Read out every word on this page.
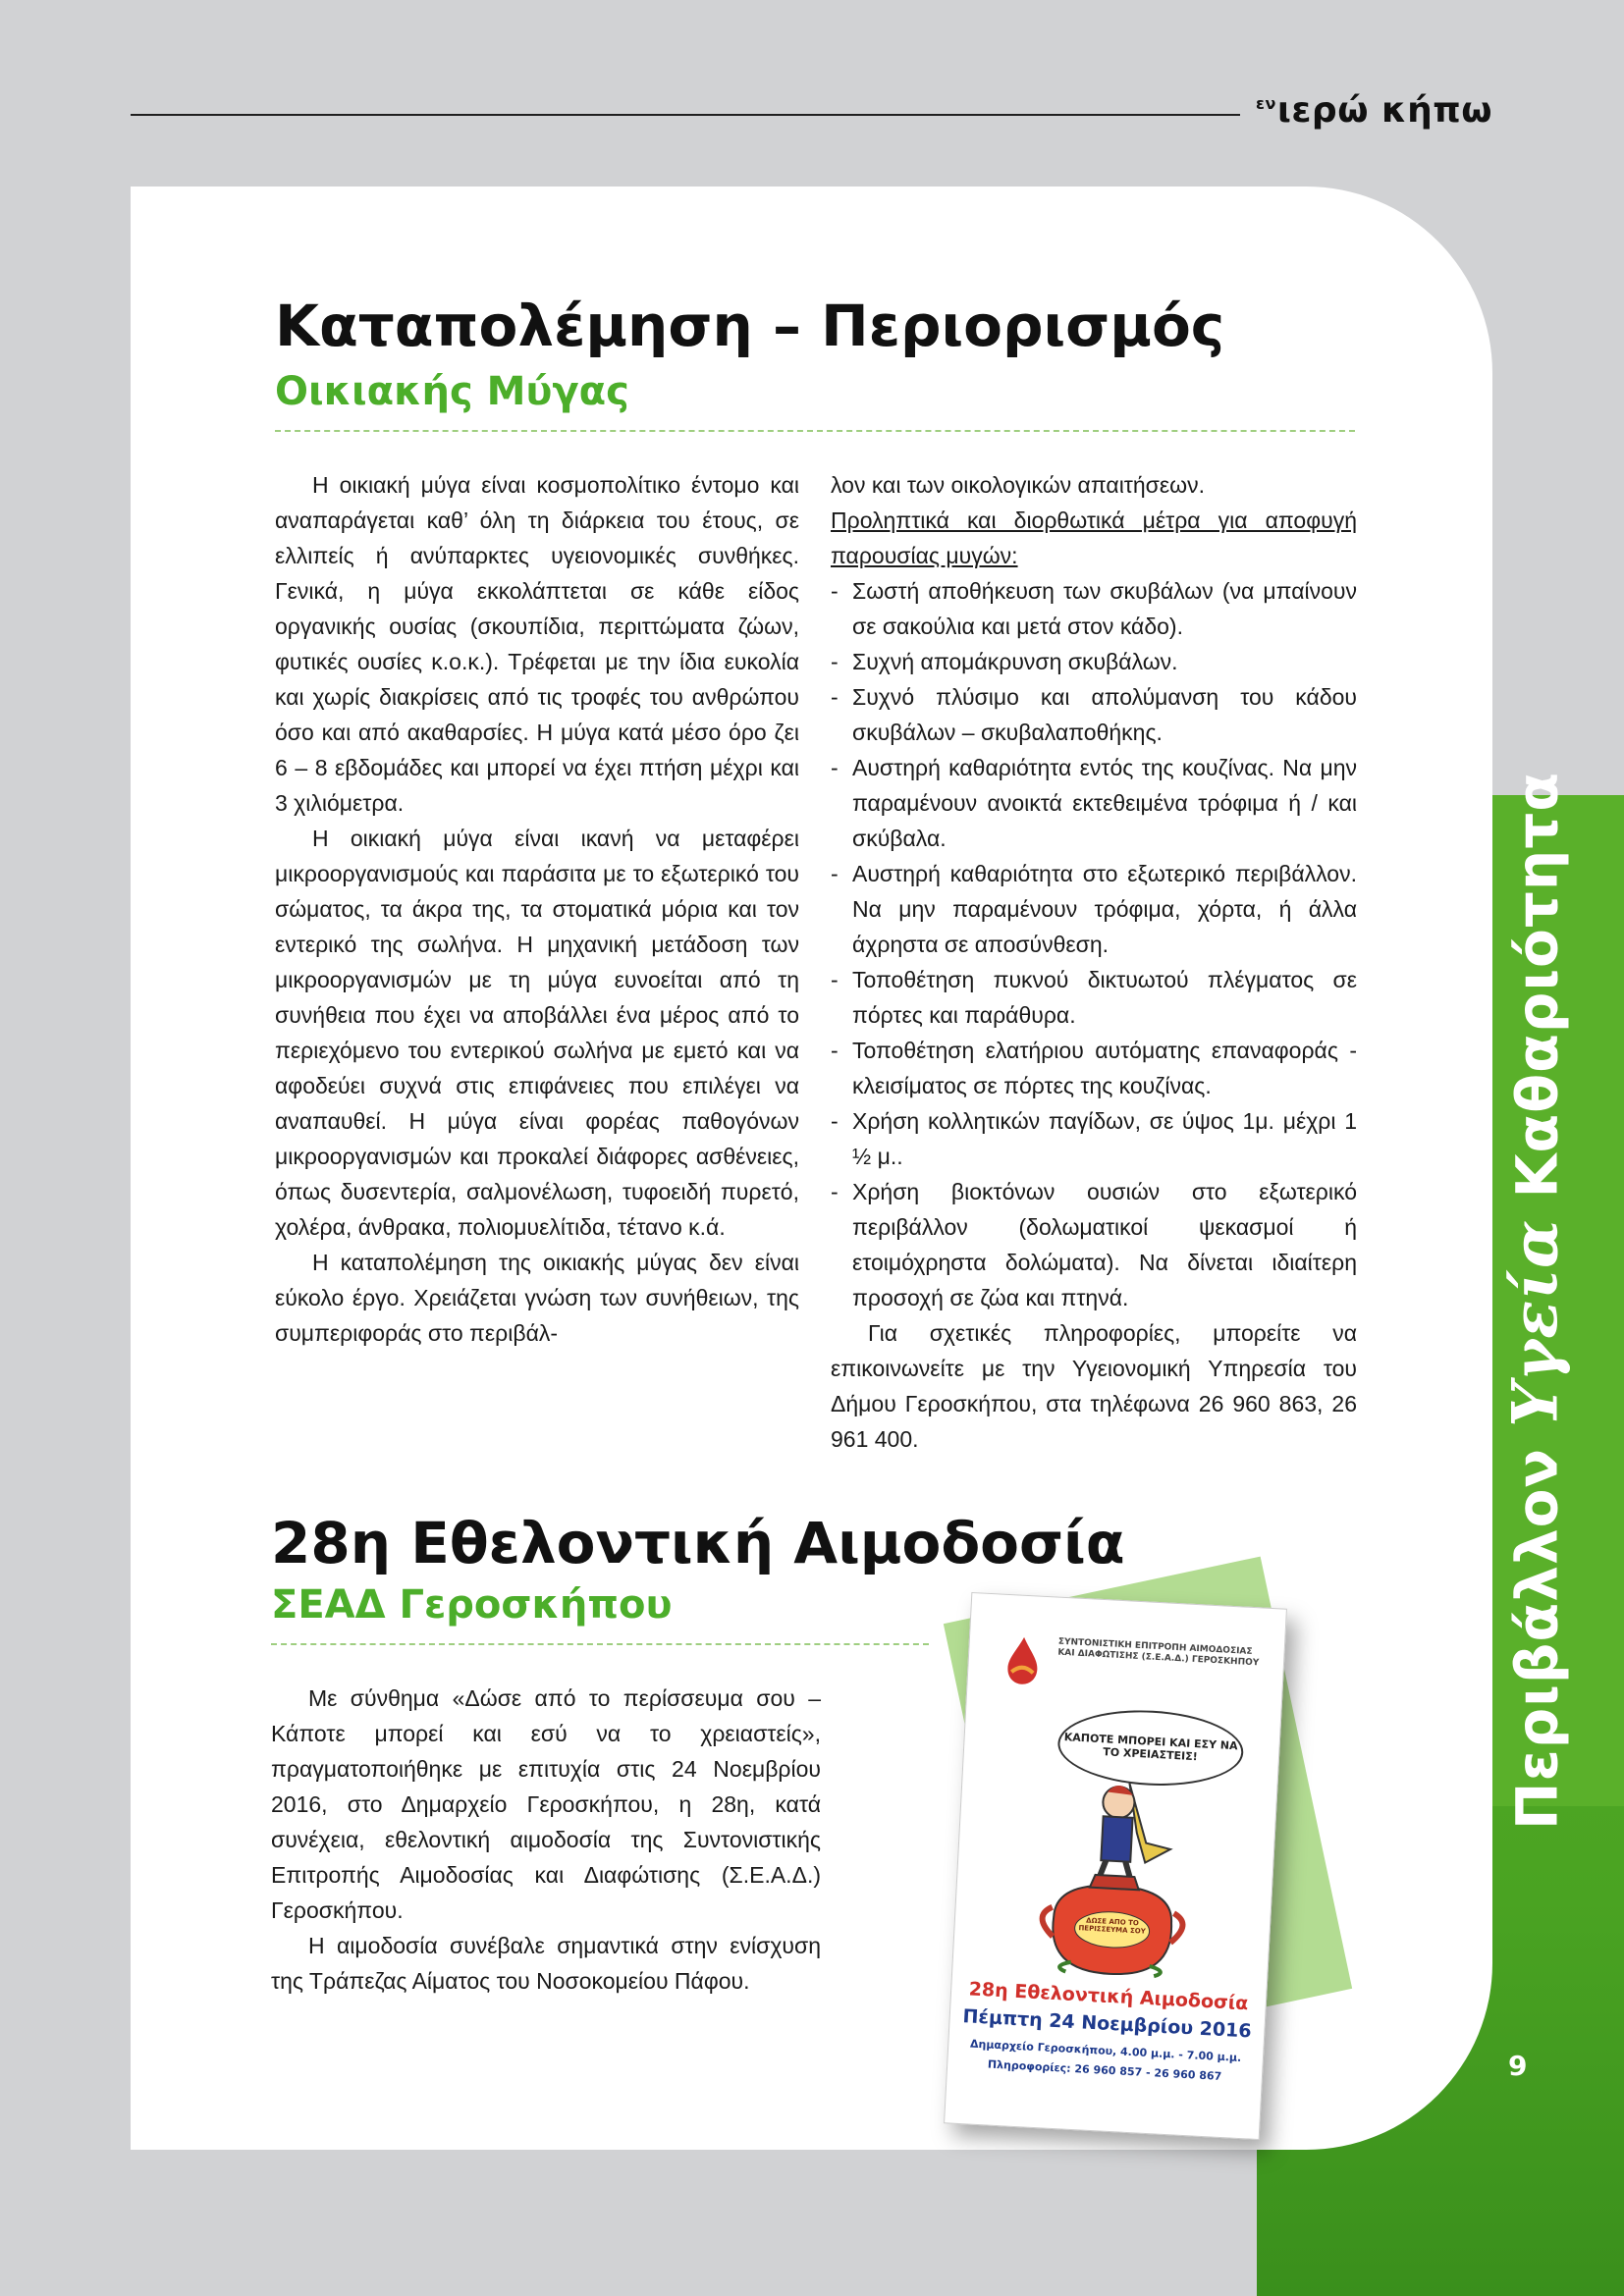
$^{\varepsilon\nu}$ιερώ κήπω
Περιβάλλον Υγεία Καθαριότητα
9
Καταπολέμηση – Περιορισμός
Οικιακής Μύγας

Η οικιακή μύγα είναι κοσμοπολίτικο έντομο και αναπαράγεται καθ’ όλη τη διάρκεια του έτους, σε ελλιπείς ή ανύπαρκτες υγειονομικές συνθήκες. Γενικά, η μύγα εκκολάπτεται σε κάθε είδος οργανικής ουσίας (σκουπίδια, περιττώματα ζώων, φυτικές ουσίες κ.ο.κ.). Τρέφεται με την ίδια ευκολία και χωρίς διακρίσεις από τις τροφές του ανθρώπου όσο και από ακαθαρσίες. Η μύγα κατά μέσο όρο ζει 6 – 8 εβδομάδες και μπορεί να έχει πτήση μέχρι και 3 χιλιόμετρα.

Η οικιακή μύγα είναι ικανή να μεταφέρει μικροοργανισμούς και παράσιτα με το εξωτερικό του σώματος, τα άκρα της, τα στοματικά μόρια και τον εντερικό της σωλήνα. Η μηχανική μετάδοση των μικροοργανισμών με τη μύγα ευνοείται από τη συνήθεια που έχει να αποβάλλει ένα μέρος από το περιεχόμενο του εντερικού σωλήνα με εμετό και να αφοδεύει συχνά στις επιφάνειες που επιλέγει να αναπαυθεί. Η μύγα είναι φορέας παθογόνων μικροοργανισμών και προκαλεί διάφορες ασθένειες, όπως δυσεντερία, σαλμονέλωση, τυφοειδή πυρετό, χολέρα, άνθρακα, πολιομυελίτιδα, τέτανο κ.ά.

Η καταπολέμηση της οικιακής μύγας δεν είναι εύκολο έργο. Χρειάζεται γνώση των συνήθειων, της συμπεριφοράς στο περιβάλ-

λον και των οικολογικών απαιτήσεων.

Προληπτικά και διορθωτικά μέτρα για αποφυγή παρουσίας μυγών:

- Σωστή αποθήκευση των σκυβάλων (να μπαίνουν σε σακούλια και μετά στον κάδο).
- Συχνή απομάκρυνση σκυβάλων.
- Συχνό πλύσιμο και απολύμανση του κάδου σκυβάλων – σκυβαλαποθήκης.
- Αυστηρή καθαριότητα εντός της κουζίνας. Να μην παραμένουν ανοικτά εκτεθειμένα τρόφιμα ή / και σκύβαλα.
- Αυστηρή καθαριότητα στο εξωτερικό περιβάλλον. Να μην παραμένουν τρόφιμα, χόρτα, ή άλλα άχρηστα σε αποσύνθεση.
- Τοποθέτηση πυκνού δικτυωτού πλέγματος σε πόρτες και παράθυρα.
- Τοποθέτηση ελατήριου αυτόματης επαναφοράς - κλεισίματος σε πόρτες της κουζίνας.
- Χρήση κολλητικών παγίδων, σε ύψος 1μ. μέχρι 1 ½ μ..
- Χρήση βιοκτόνων ουσιών στο εξωτερικό περιβάλλον (δολωματικοί ψεκασμοί ή ετοιμόχρηστα δολώματα). Να δίνεται ιδιαίτερη προσοχή σε ζώα και πτηνά.

Για σχετικές πληροφορίες, μπορείτε να επικοινωνείτε με την Υγειονομική Υπηρεσία του Δήμου Γεροσκήπου, στα τηλέφωνα 26 960 863, 26 961 400.

28η Εθελοντική Αιμοδοσία
ΣΕΑΔ Γεροσκήπου

Με σύνθημα «Δώσε από το περίσσευμα σου – Κάποτε μπορεί και εσύ να το χρειαστείς», πραγματοποιήθηκε με επιτυχία στις 24 Νοεμβρίου 2016, στο Δημαρχείο Γεροσκήπου, η 28η, κατά συνέχεια, εθελοντική αιμοδοσία της Συντονιστικής Επιτροπής Αιμοδοσίας και Διαφώτισης (Σ.Ε.Α.Δ.) Γεροσκήπου.

Η αιμοδοσία συνέβαλε σημαντικά στην ενίσχυση της Τράπεζας Αίματος του Νοσοκομείου Πάφου.

ΣΥΝΤΟΝΙΣΤΙΚΗ ΕΠΙΤΡΟΠΗ ΑΙΜΟΔΟΣΙΑΣ ΚΑΙ ΔΙΑΦΩΤΙΣΗΣ (Σ.Ε.Α.Δ.) ΓΕΡΟΣΚΗΠΟΥ
ΚΑΠΟΤΕ ΜΠΟΡΕΙ ΚΑΙ ΕΣΥ ΝΑ ΤΟ ΧΡΕΙΑΣΤΕΙΣ!
ΔΩΣΕ ΑΠΟ ΤΟ ΠΕΡΙΣΣΕΥΜΑ ΣΟΥ
28η Εθελοντική Αιμοδοσία
Πέμπτη 24 Νοεμβρίου 2016
Δημαρχείο Γεροσκήπου, 4.00 μ.μ. - 7.00 μ.μ.
Πληροφορίες: 26 960 857 - 26 960 867
